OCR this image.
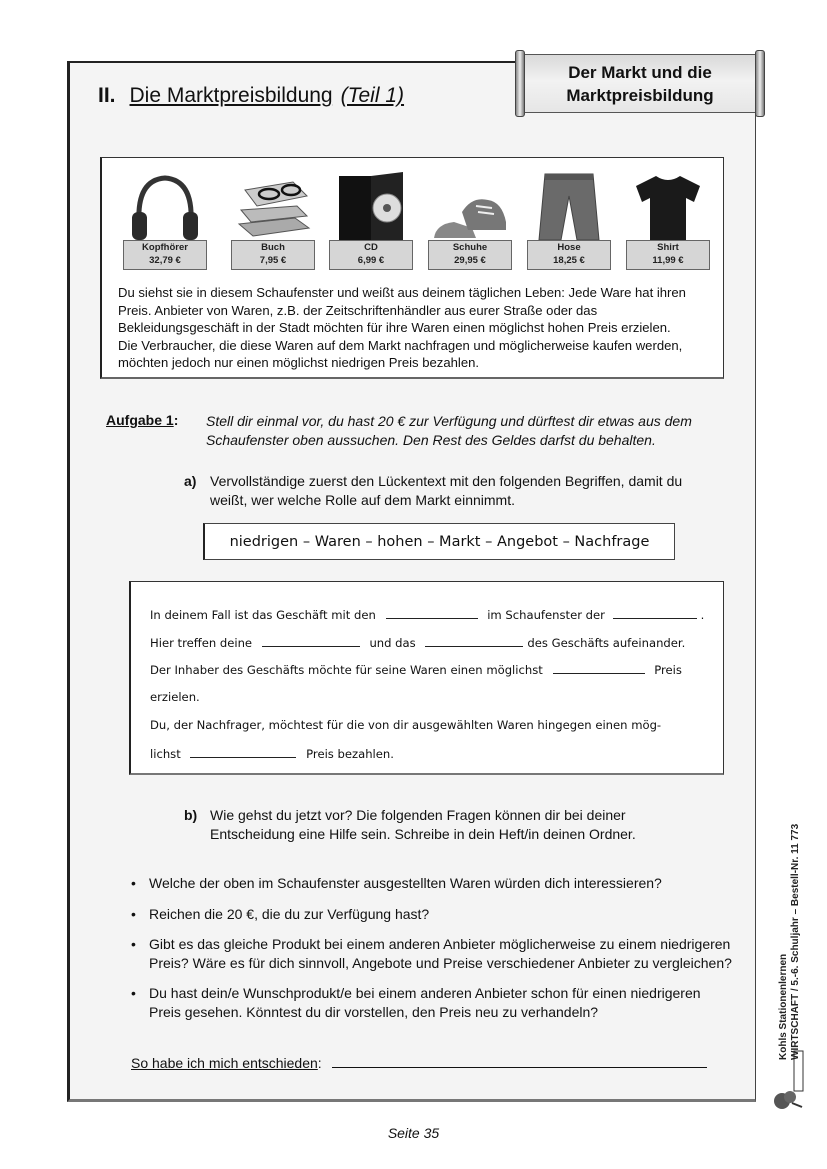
Der Markt und die
Marktpreisbildung
II. Die Marktpreisbildung (Teil 1)
Kopfhörer
32,79 €
Buch
7,95 €
CD
6,99 €
Schuhe
29,95 €
Hose
18,25 €
Shirt
11,99 €
Du siehst sie in diesem Schaufenster und weißt aus deinem täglichen Leben: Jede Ware hat ihren Preis. Anbieter von Waren, z.B. der Zeitschriftenhändler aus eurer Straße oder das Bekleidungsgeschäft in der Stadt möchten für ihre Waren einen möglichst hohen Preis erzielen.
Die Verbraucher, die diese Waren auf dem Markt nachfragen und möglicherweise kaufen werden, möchten jedoch nur einen möglichst niedrigen Preis bezahlen.
Aufgabe 1: Stell dir einmal vor, du hast 20 € zur Verfügung und dürftest dir etwas aus dem Schaufenster oben aussuchen. Den Rest des Geldes darfst du behalten.
a) Vervollständige zuerst den Lückentext mit den folgenden Begriffen, damit du weißt, wer welche Rolle auf dem Markt einnimmt.
niedrigen – Waren – hohen – Markt – Angebot – Nachfrage
In deinem Fall ist das Geschäft mit den	im Schaufenster der	.
Hier treffen deine	und das	des Geschäfts aufeinander.
Der Inhaber des Geschäfts möchte für seine Waren einen möglichst	Preis
erzielen.
Du, der Nachfrager, möchtest für die von dir ausgewählten Waren hingegen einen mög-
lichst	Preis bezahlen.
b) Wie gehst du jetzt vor? Die folgenden Fragen können dir bei deiner Entscheidung eine Hilfe sein. Schreibe in dein Heft/in deinen Ordner.
• Welche der oben im Schaufenster ausgestellten Waren würden dich interessieren?
• Reichen die 20 €, die du zur Verfügung hast?
• Gibt es das gleiche Produkt bei einem anderen Anbieter möglicherweise zu einem niedrigeren Preis? Wäre es für dich sinnvoll, Angebote und Preise verschiedener Anbieter zu vergleichen?
• Du hast dein/e Wunschprodukt/e bei einem anderen Anbieter schon für einen niedrigeren Preis gesehen. Könntest du dir vorstellen, den Preis neu zu verhandeln?
So habe ich mich entschieden:
Kohls Stationenlernen WIRTSCHAFT / 5.-6. Schuljahr – Bestell-Nr. 11 773
Seite 35
